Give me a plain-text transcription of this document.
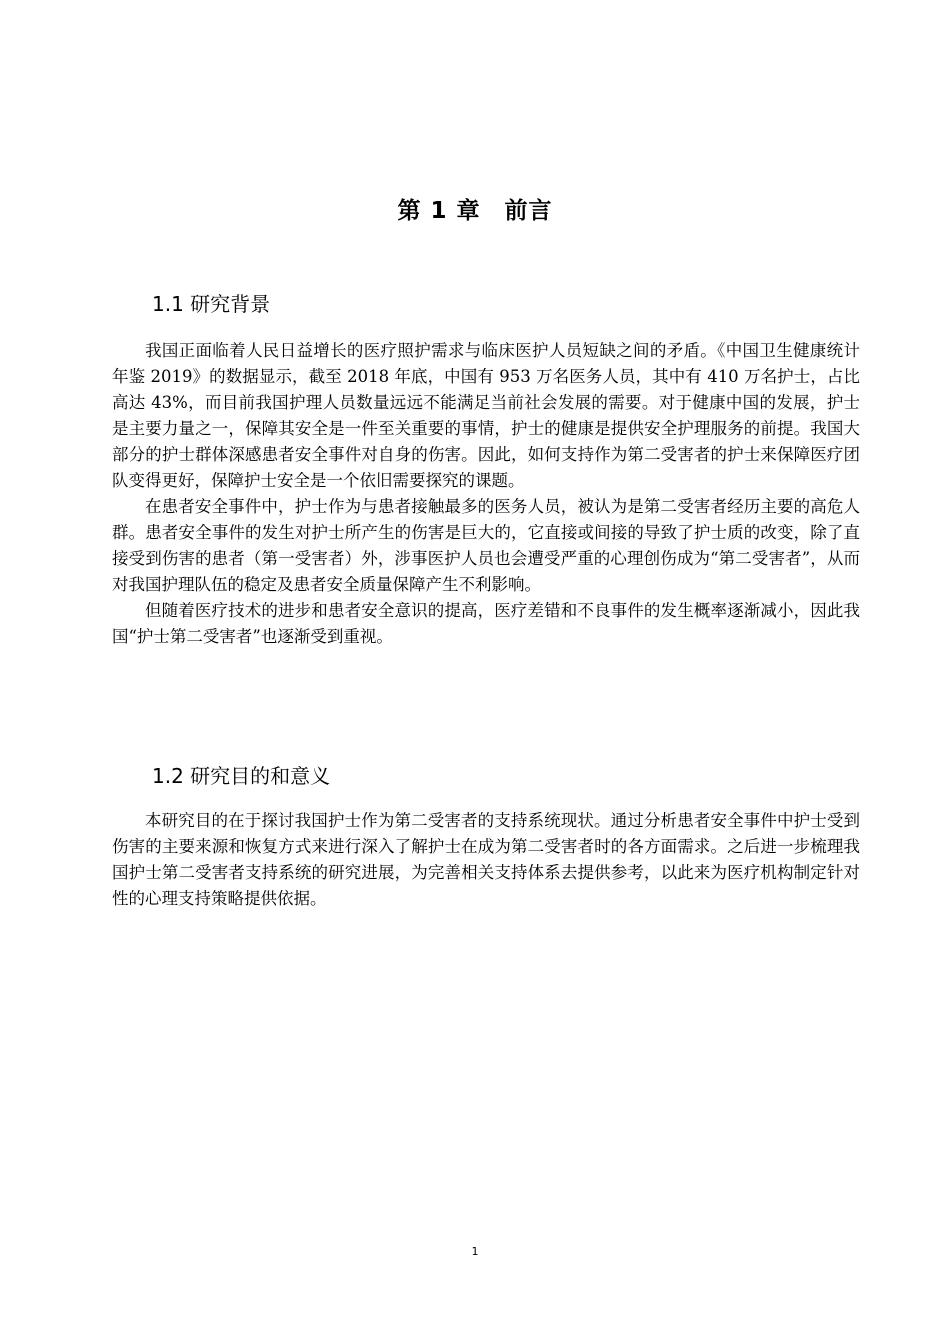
第 1 章　前言
1.1 研究背景

我国正面临着人民日益增长的医疗照护需求与临床医护人员短缺之间的矛盾。《中国卫生健康统计年鉴 2019》的数据显示，截至 2018 年底，中国有 953 万名医务人员，其中有 410 万名护士，占比高达 43%，而目前我国护理人员数量远远不能满足当前社会发展的需要。对于健康中国的发展，护士是主要力量之一，保障其安全是一件至关重要的事情，护士的健康是提供安全护理服务的前提。我国大部分的护士群体深感患者安全事件对自身的伤害。因此，如何支持作为第二受害者的护士来保障医疗团队变得更好，保障护士安全是一个依旧需要探究的课题。

在患者安全事件中，护士作为与患者接触最多的医务人员，被认为是第二受害者经历主要的高危人群。患者安全事件的发生对护士所产生的伤害是巨大的，它直接或间接的导致了护士质的改变，除了直接受到伤害的患者（第一受害者）外，涉事医护人员也会遭受严重的心理创伤成为“第二受害者”，从而对我国护理队伍的稳定及患者安全质量保障产生不利影响。

但随着医疗技术的进步和患者安全意识的提高，医疗差错和不良事件的发生概率逐渐减小，因此我国“护士第二受害者”也逐渐受到重视。

1.2 研究目的和意义

本研究目的在于探讨我国护士作为第二受害者的支持系统现状。通过分析患者安全事件中护士受到伤害的主要来源和恢复方式来进行深入了解护士在成为第二受害者时的各方面需求。之后进一步梳理我国护士第二受害者支持系统的研究进展，为完善相关支持体系去提供参考，以此来为医疗机构制定针对性的心理支持策略提供依据。

1
